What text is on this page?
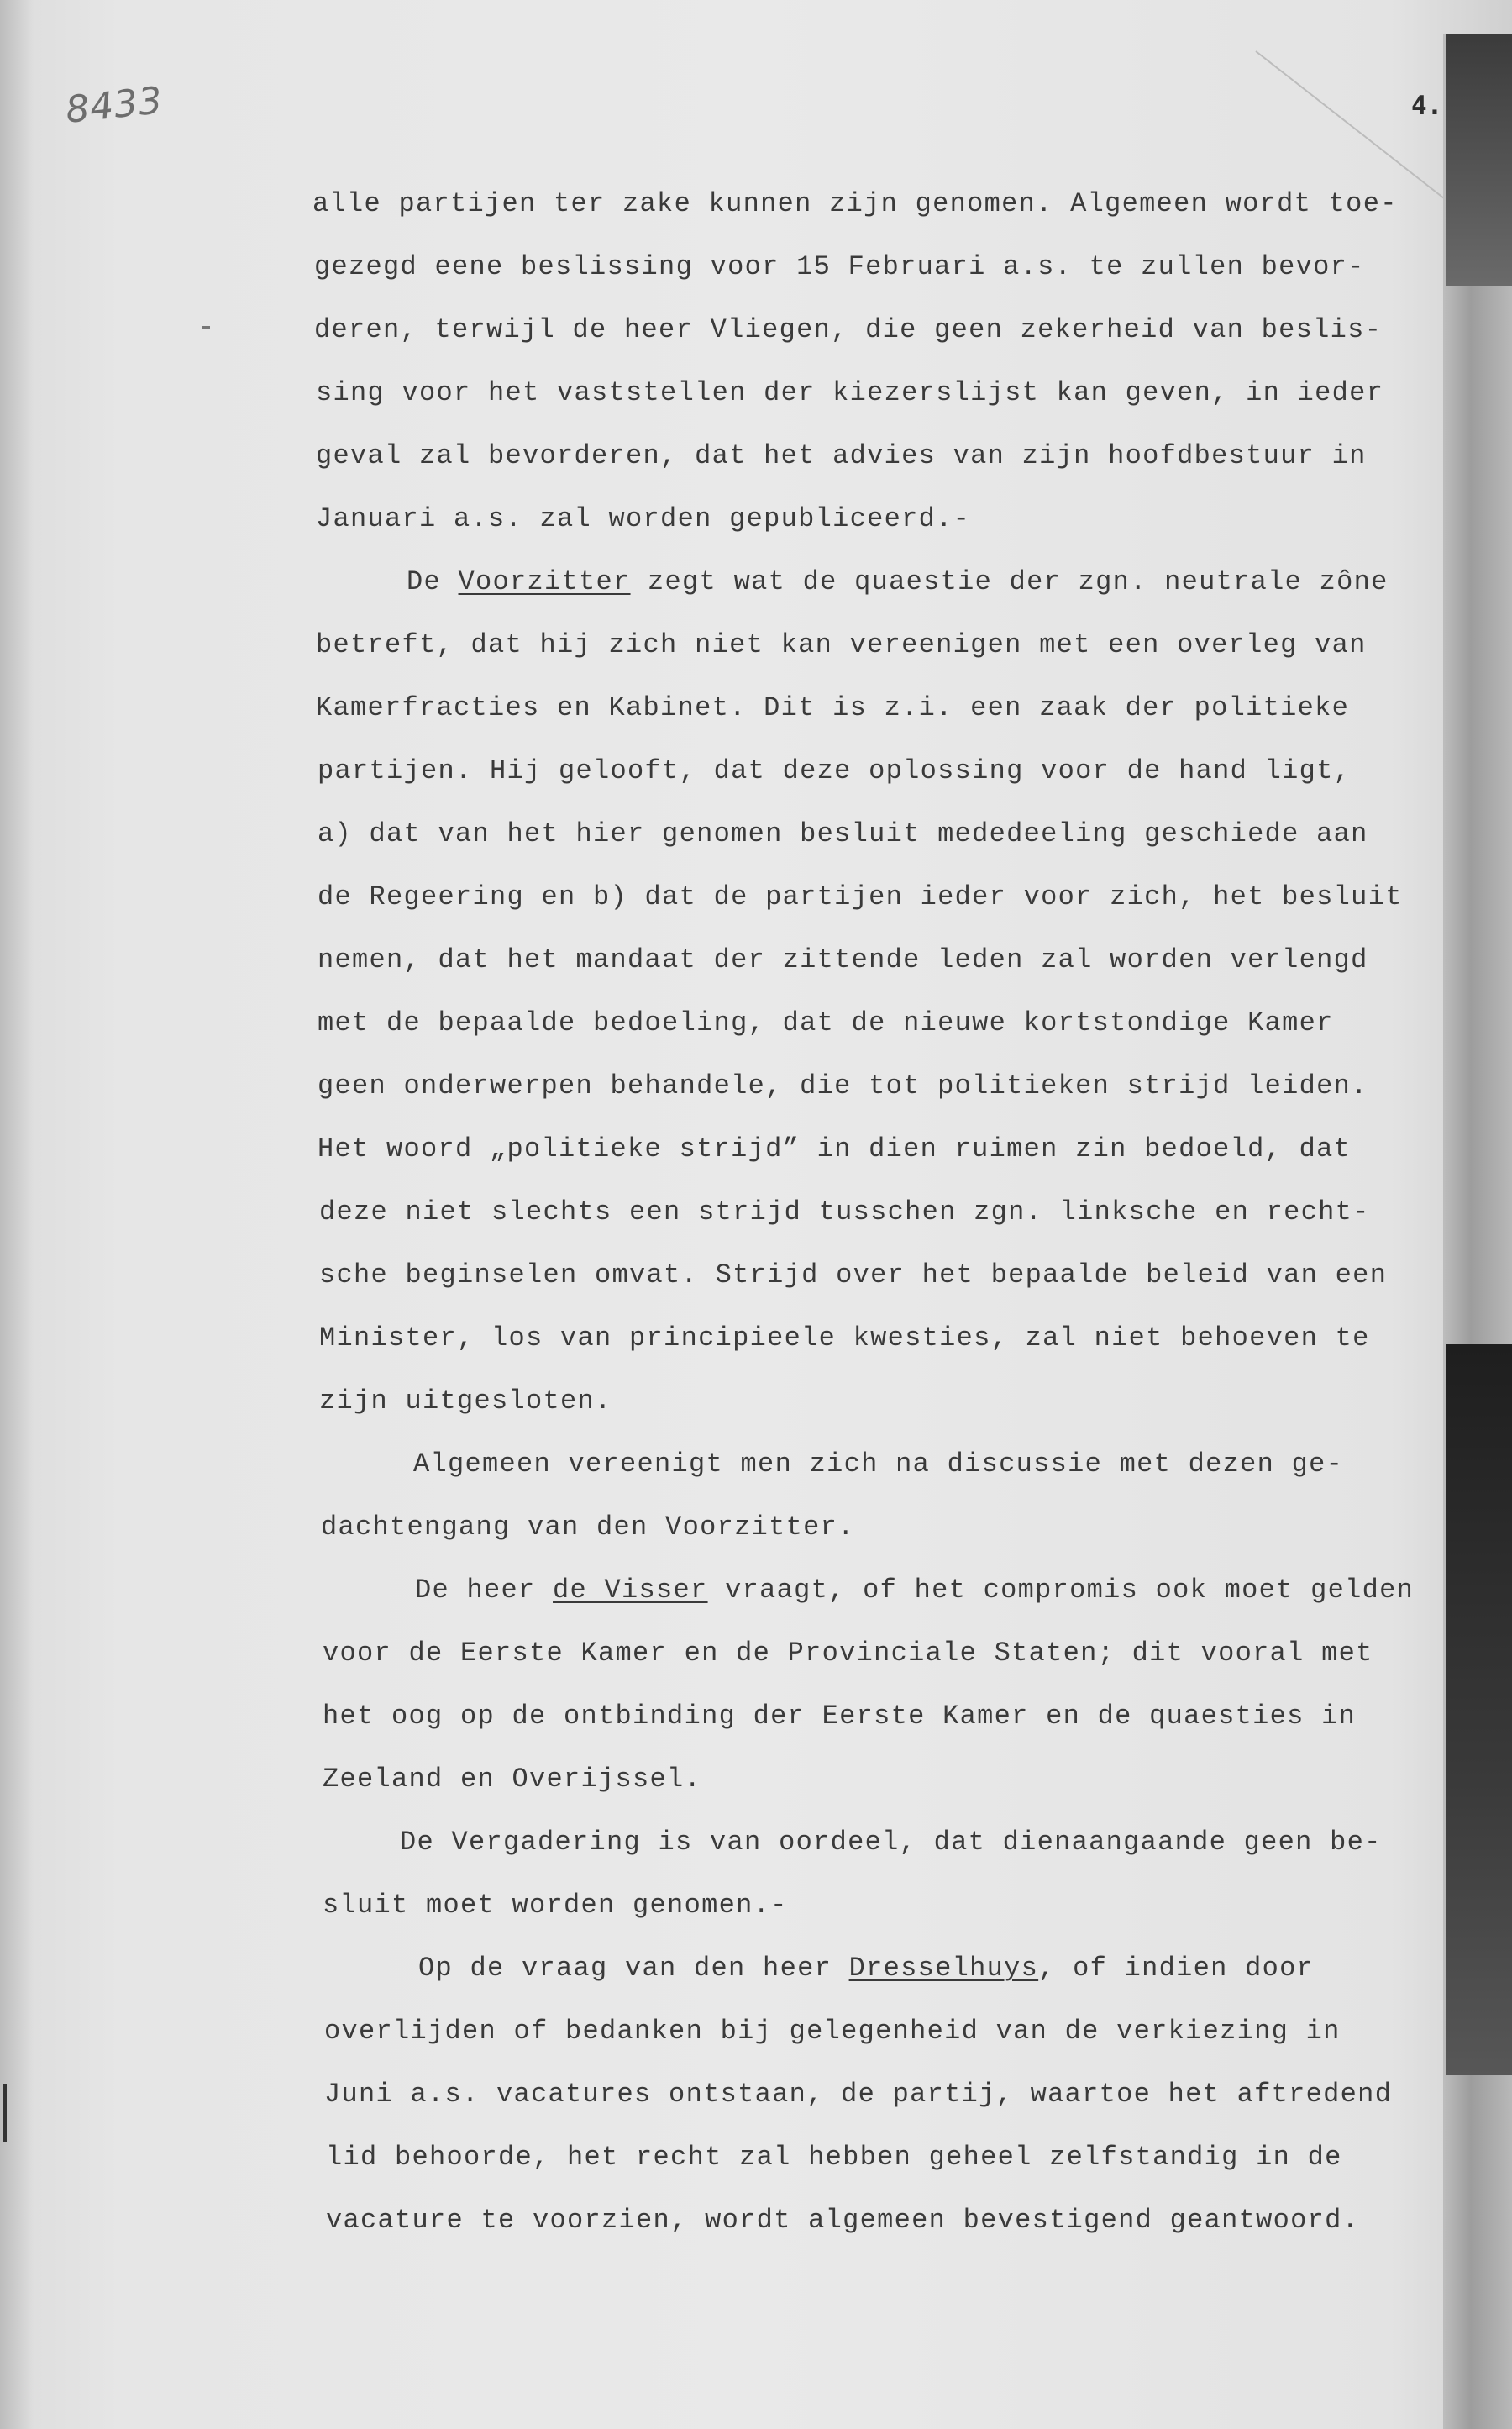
8433	4.
alle partijen ter zake kunnen zijn genomen. Algemeen wordt toe-
gezegd eene beslissing voor 15 Februari a.s. te zullen bevor-
deren, terwijl de heer Vliegen, die geen zekerheid van beslis-
sing voor het vaststellen der kiezerslijst kan geven, in ieder
geval zal bevorderen, dat het advies van zijn hoofdbestuur in
Januari a.s. zal worden gepubliceerd.-
De Voorzitter zegt wat de quaestie der zgn. neutrale zône
betreft, dat hij zich niet kan vereenigen met een overleg van
Kamerfracties en Kabinet. Dit is z.i. een zaak der politieke
partijen. Hij gelooft, dat deze oplossing voor de hand ligt,
a) dat van het hier genomen besluit mededeeling geschiede aan
de Regeering en b) dat de partijen ieder voor zich, het besluit
nemen, dat het mandaat der zittende leden zal worden verlengd
met de bepaalde bedoeling, dat de nieuwe kortstondige Kamer
geen onderwerpen behandele, die tot politieken strijd leiden.
Het woord „politieke strijd” in dien ruimen zin bedoeld, dat
deze niet slechts een strijd tusschen zgn. linksche en recht-
sche beginselen omvat. Strijd over het bepaalde beleid van een
Minister, los van principieele kwesties, zal niet behoeven te
zijn uitgesloten.
Algemeen vereenigt men zich na discussie met dezen ge-
dachtengang van den Voorzitter.
De heer de Visser vraagt, of het compromis ook moet gelden
voor de Eerste Kamer en de Provinciale Staten; dit vooral met
het oog op de ontbinding der Eerste Kamer en de quaesties in
Zeeland en Overijssel.
De Vergadering is van oordeel, dat dienaangaande geen be-
sluit moet worden genomen.-
Op de vraag van den heer Dresselhuys, of indien door
overlijden of bedanken bij gelegenheid van de verkiezing in
Juni a.s. vacatures ontstaan, de partij, waartoe het aftredend
lid behoorde, het recht zal hebben geheel zelfstandig in de
vacature te voorzien, wordt algemeen bevestigend geantwoord.
